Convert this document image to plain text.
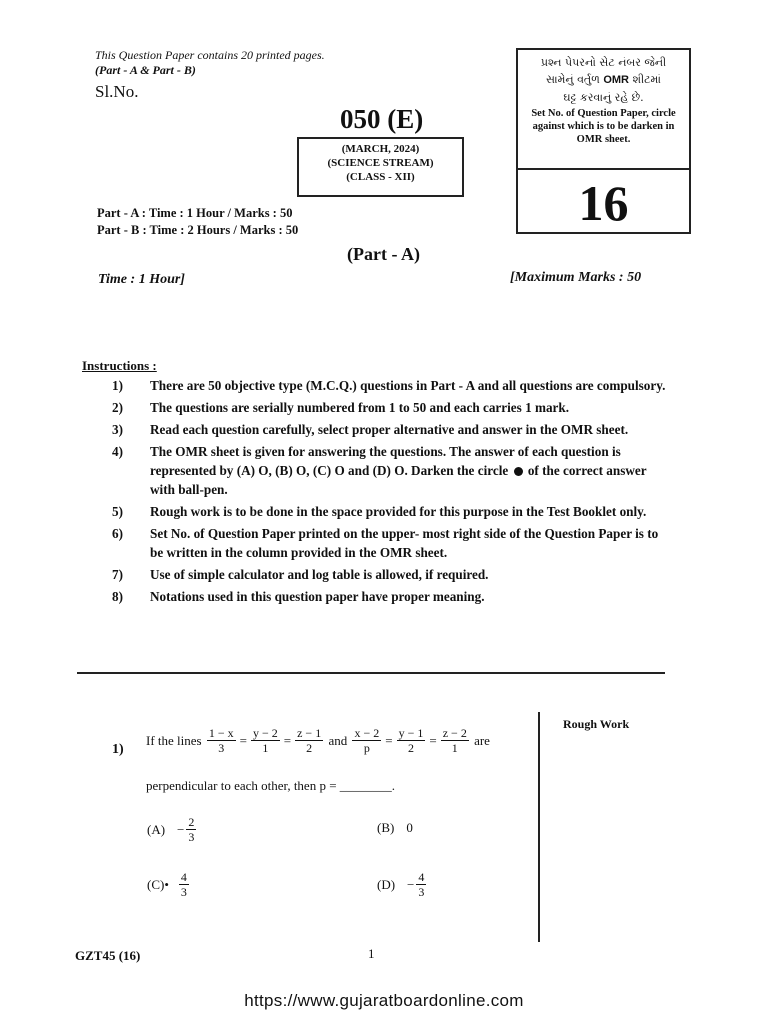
This Question Paper contains 20 printed pages.
(Part - A & Part - B)
Sl.No.
050 (E)
(MARCH, 2024)
(SCIENCE STREAM)
(CLASS - XII)
પ્રશ્ન પેપરનો સેટ નંબર જેની
સામેનું વર્તુળ OMR શીટમાં
ઘટ્ટ કરવાનું રહે છે.
Set No. of Question Paper, circle against which is to be darken in OMR sheet.
16
Part - A : Time : 1 Hour / Marks : 50
Part - B : Time : 2 Hours / Marks : 50
(Part - A)
Time : 1 Hour]	[Maximum Marks : 50
Instructions :
1)	There are 50 objective type (M.C.Q.) questions in Part - A and all questions are compulsory.
2)	The questions are serially numbered from 1 to 50 and each carries 1 mark.
3)	Read each question carefully, select proper alternative and answer in the OMR sheet.
4)	The OMR sheet is given for answering the questions. The answer of each question is represented by (A) O, (B) O, (C) O and (D) O. Darken the circle of the correct answer with ball-pen.
5)	Rough work is to be done in the space provided for this purpose in the Test Booklet only.
6)	Set No. of Question Paper printed on the upper- most right side of the Question Paper is to be written in the column provided in the OMR sheet.
7)	Use of simple calculator and log table is allowed, if required.
8)	Notations used in this question paper have proper meaning.
Rough Work
1)
If the lines
$\frac{1 - x}{3} = \frac{y - 2}{1} = \frac{z - 1}{2}$
and
$\frac{x - 2}{p} = \frac{y - 1}{2} = \frac{z - 2}{1}$
are
perpendicular to each other, then p = ________.
$(A) - \frac{2}{3}$	(B) 0
(C) • $\frac{4}{3}$	$(D) - \frac{4}{3}$
GZT45 (16)	1
https://www.gujaratboardonline.com
